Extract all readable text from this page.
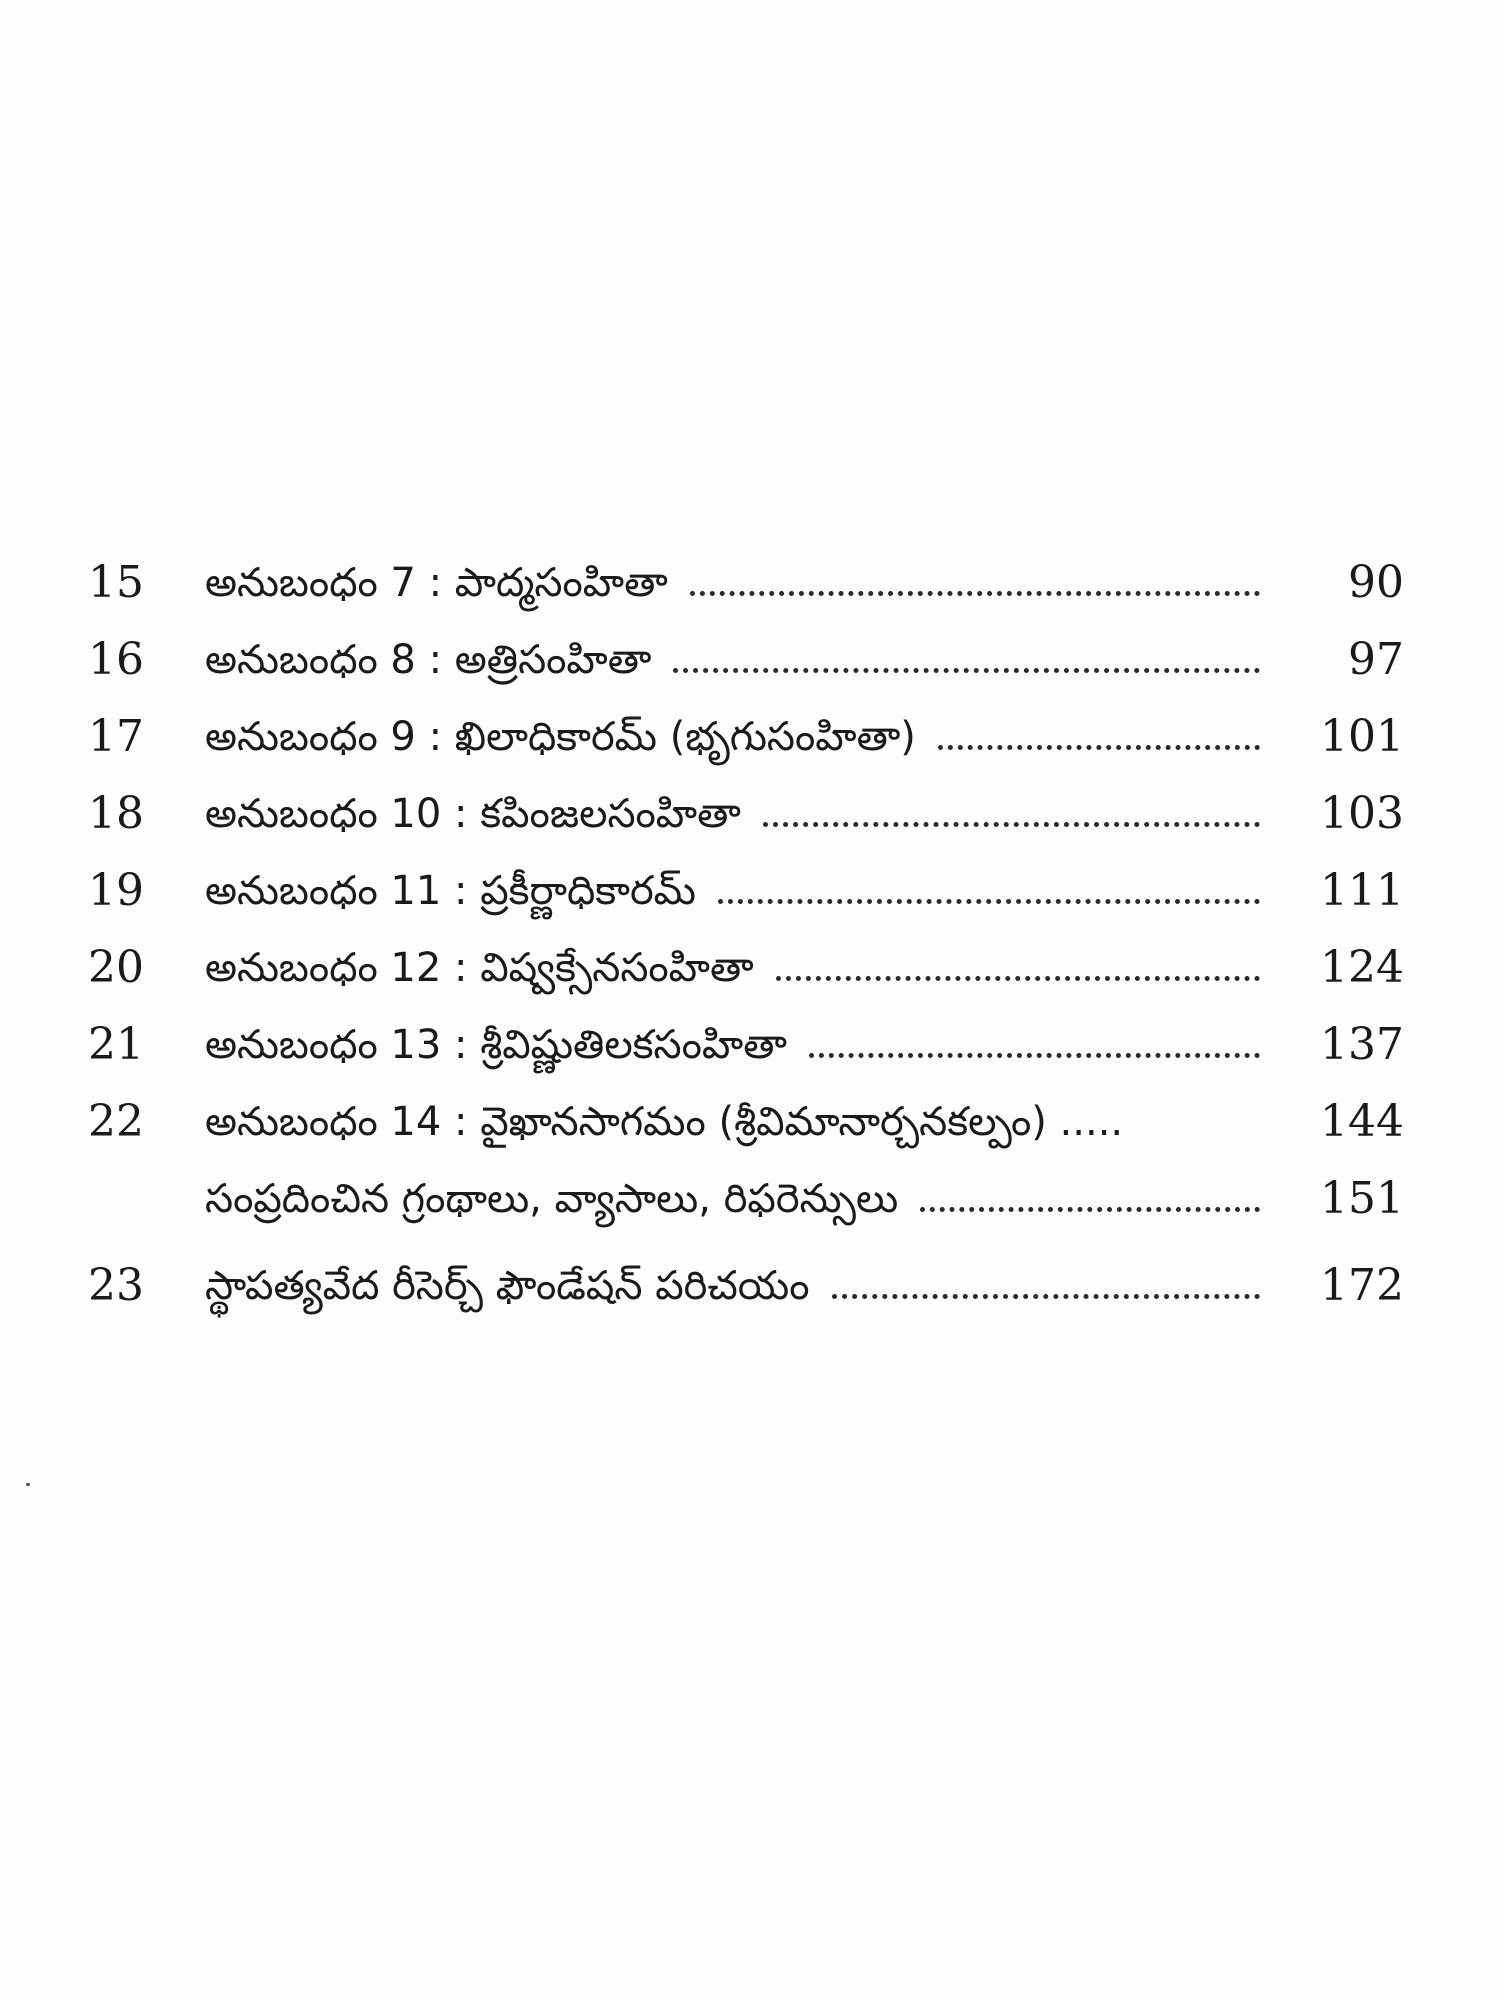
15 అనుబంధం 7 : పాద్మసంహితా	90
16 అనుబంధం 8 : అత్రిసంహితా	97
17 అనుబంధం 9 : ఖిలాధికారమ్ (భృగుసంహితా)	101
18 అనుబంధం 10 : కపింజలసంహితా	103
19 అనుబంధం 11 : ప్రకీర్ణాధికారమ్	111
20 అనుబంధం 12 : విష్వక్సేనసంహితా	124
21 అనుబంధం 13 : శ్రీవిష్ణుతిలకసంహితా	137
22 అనుబంధం 14 : వైఖానసాగమం (శ్రీవిమానార్చనకల్పం) .....	144
సంప్రదించిన గ్రంథాలు, వ్యాసాలు, రిఫరెన్సులు	151
23 స్థాపత్యవేద రీసెర్చ్ ఫౌండేషన్ పరిచయం	172
